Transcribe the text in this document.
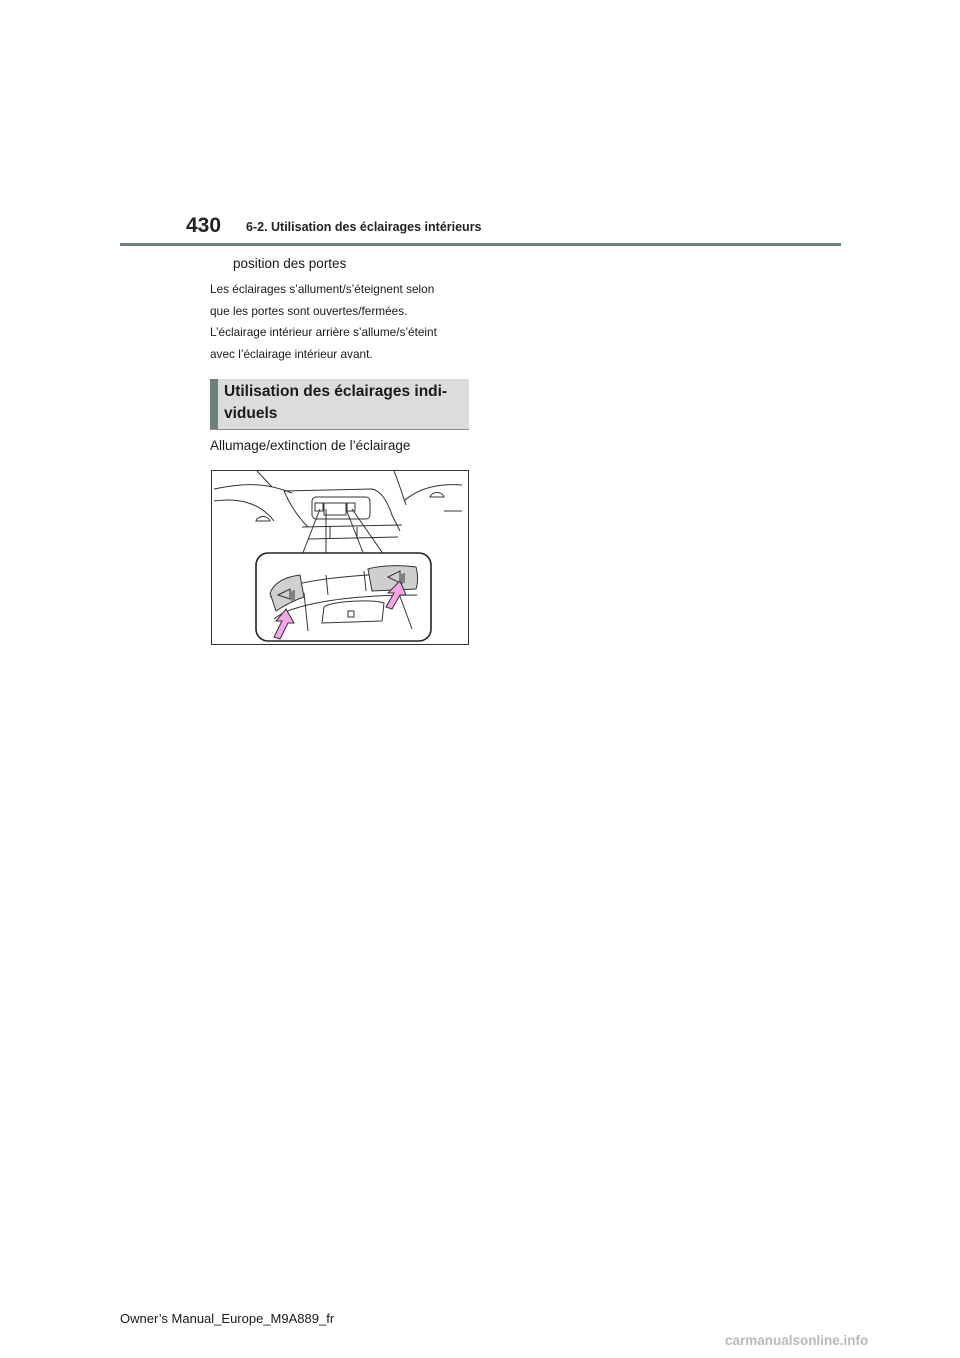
430 6-2. Utilisation des éclairages intérieurs
position des portes

Les éclairages s’allument/s’éteignent selon

que les portes sont ouvertes/fermées.

L’éclairage intérieur arrière s’allume/s’éteint

avec l’éclairage intérieur avant.

Utilisation des éclairages indi-
viduels
Allumage/extinction de l’éclairage
Owner’s Manual_Europe_M9A889_fr
carmanualsonline.info
